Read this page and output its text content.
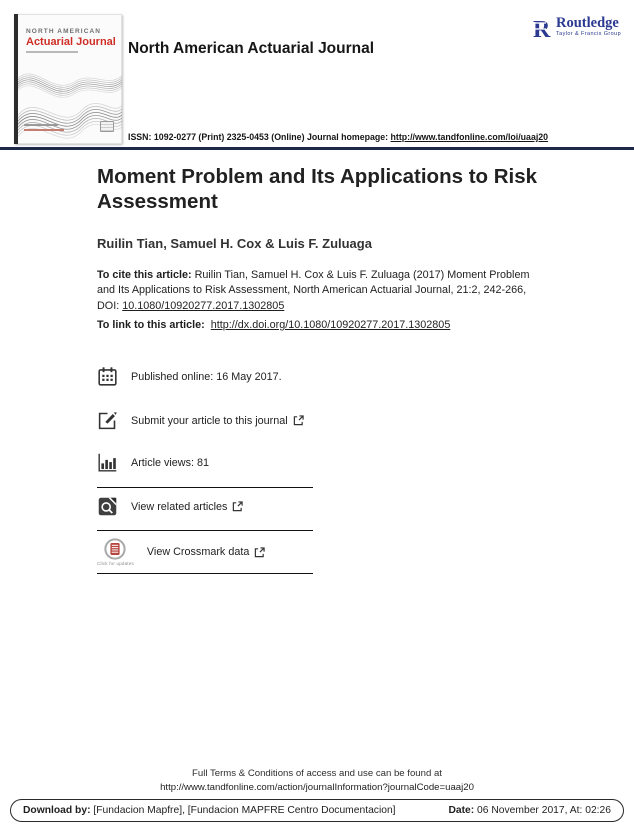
NORTH AMERICAN
Actuarial Journal North American Actuarial Journal
R Routledge
Taylor & Francis Group
ISSN: 1092-0277 (Print) 2325-0453 (Online) Journal homepage: http://www.tandfonline.com/loi/uaaj20
Moment Problem and Its Applications to Risk Assessment
Ruilin Tian, Samuel H. Cox & Luis F. Zuluaga
To cite this article: Ruilin Tian, Samuel H. Cox & Luis F. Zuluaga (2017) Moment Problem and Its Applications to Risk Assessment, North American Actuarial Journal, 21:2, 242-266, DOI: 10.1080/10920277.2017.1302805
To link to this article: http://dx.doi.org/10.1080/10920277.2017.1302805
Published online: 16 May 2017.
Submit your article to this journal
Article views: 81
View related articles
Click for updates
View Crossmark data
Full Terms & Conditions of access and use can be found at
http://www.tandfonline.com/action/journalInformation?journalCode=uaaj20
Download by: [Fundacion Mapfre], [Fundacion MAPFRE Centro Documentacion]	Date: 06 November 2017, At: 02:26
